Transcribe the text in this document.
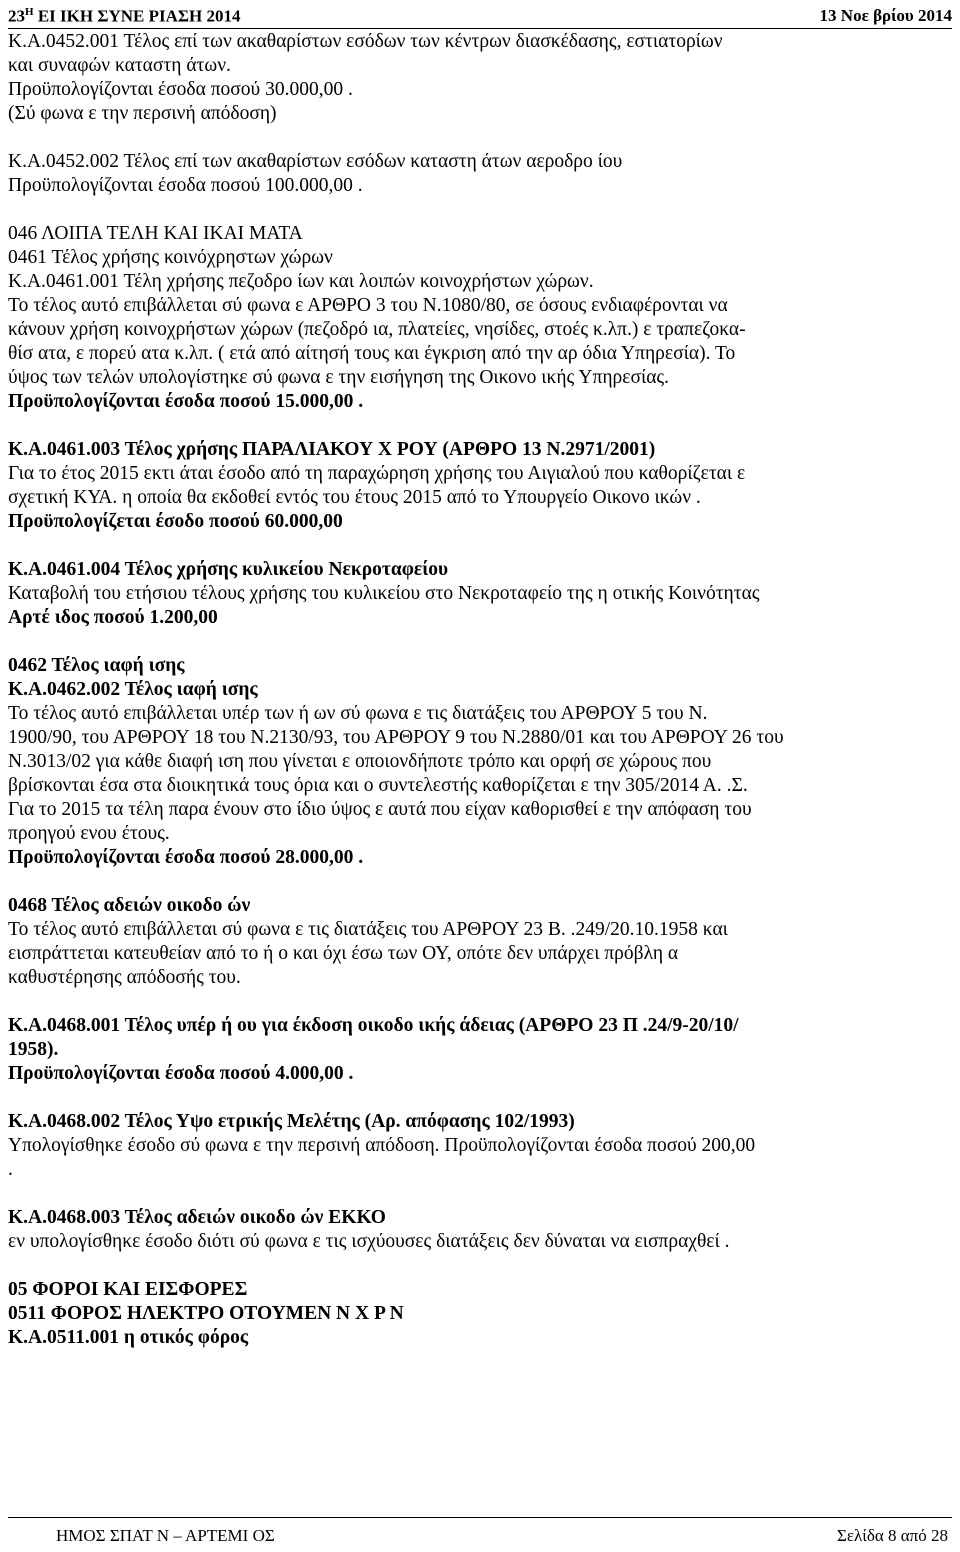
$23^H$ ΕΙ ΙΚΗ ΣΥΝΕ ΡΙΑΣΗ 2014	13 Νοε βρίου 2014
Κ.Α.0452.001 Τέλος επί των ακαθαρίστων εσόδων των κέντρων διασκέδασης, εστιατορίων
και συναφών καταστη άτων.
Προϋπολογίζονται έσοδα ποσού 30.000,00 .
(Σύ φωνα ε την περσινή απόδοση)
Κ.Α.0452.002 Τέλος επί των ακαθαρίστων εσόδων καταστη άτων αεροδρο ίου
Προϋπολογίζονται έσοδα ποσού 100.000,00 .
046 ΛΟΙΠΑ ΤΕΛΗ ΚΑΙ ΙΚΑΙ ΜΑΤΑ
0461 Τέλος χρήσης κοινόχρηστων χώρων
Κ.Α.0461.001 Τέλη χρήσης πεζοδρο ίων και λοιπών κοινοχρήστων χώρων.
Το τέλος αυτό επιβάλλεται σύ φωνα ε ΑΡΘΡΟ 3 του Ν.1080/80, σε όσους ενδιαφέρονται να
κάνουν χρήση κοινοχρήστων χώρων (πεζοδρό ια, πλατείες, νησίδες, στοές κ.λπ.) ε τραπεζοκα-
θίσ ατα, ε πορεύ ατα κ.λπ. ( ετά από αίτησή τους και έγκριση από την αρ όδια Υπηρεσία). Το
ύψος των τελών υπολογίστηκε σύ φωνα ε την εισήγηση της Οικονο ικής Υπηρεσίας.
Προϋπολογίζονται έσοδα ποσού 15.000,00 .
Κ.Α.0461.003 Τέλος χρήσης ΠΑΡΑΛΙΑΚΟΥ Χ ΡΟΥ (ΑΡΘΡΟ 13 Ν.2971/2001)
Για το έτος 2015 εκτι άται έσοδο από τη παραχώρηση χρήσης του Αιγιαλού που καθορίζεται ε
σχετική ΚΥΑ. η οποία θα εκδοθεί εντός του έτους 2015 από το Υπουργείο Οικονο ικών .
Προϋπολογίζεται έσοδο ποσού 60.000,00
Κ.Α.0461.004 Τέλος χρήσης κυλικείου Νεκροταφείου
Καταβολή του ετήσιου τέλους χρήσης του κυλικείου στο Νεκροταφείο της η οτικής Κοινότητας
Αρτέ ιδος ποσού 1.200,00
0462 Τέλος ιαφή ισης
Κ.Α.0462.002 Τέλος ιαφή ισης
Το τέλος αυτό επιβάλλεται υπέρ των ή ων σύ φωνα ε τις διατάξεις του ΑΡΘΡΟΥ 5 του Ν.
1900/90, του ΑΡΘΡΟΥ 18 του Ν.2130/93, του ΑΡΘΡΟΥ 9 του Ν.2880/01 και του ΑΡΘΡΟΥ 26 του
Ν.3013/02 για κάθε διαφή ιση που γίνεται ε οποιονδήποτε τρόπο και ορφή σε χώρους που
βρίσκονται έσα στα διοικητικά τους όρια και ο συντελεστής καθορίζεται ε την 305/2014 Α. .Σ.
Για το 2015 τα τέλη παρα ένουν στο ίδιο ύψος ε αυτά που είχαν καθορισθεί ε την απόφαση του
προηγού ενου έτους.
Προϋπολογίζονται έσοδα ποσού 28.000,00 .
0468 Τέλος αδειών οικοδο ών
Το τέλος αυτό επιβάλλεται σύ φωνα ε τις διατάξεις του ΑΡΘΡΟΥ 23 Β. .249/20.10.1958 και
εισπράττεται κατευθείαν από το ή ο και όχι έσω των ΟΥ, οπότε δεν υπάρχει πρόβλη α
καθυστέρησης απόδοσής του.
Κ.Α.0468.001 Τέλος υπέρ ή ου για έκδοση οικοδο ικής άδειας (ΑΡΘΡΟ 23 Π .24/9-20/10/
1958).
Προϋπολογίζονται έσοδα ποσού 4.000,00 .
Κ.Α.0468.002 Τέλος Υψο ετρικής Μελέτης (Αρ. απόφασης 102/1993)
Υπολογίσθηκε έσοδο σύ φωνα ε την περσινή απόδοση. Προϋπολογίζονται έσοδα ποσού 200,00
.
Κ.Α.0468.003 Τέλος αδειών οικοδο ών ΕΚΚΟ
εν υπολογίσθηκε έσοδο διότι σύ φωνα ε τις ισχύουσες διατάξεις δεν δύναται να εισπραχθεί .
05 ΦΟΡΟΙ ΚΑΙ ΕΙΣΦΟΡΕΣ
0511 ΦΟΡΟΣ ΗΛΕΚΤΡΟ ΟΤΟΥΜΕΝ Ν Χ Ρ Ν
Κ.Α.0511.001 η οτικός φόρος
ΗΜΟΣ ΣΠΑΤ Ν – ΑΡΤΕΜΙ ΟΣ	Σελίδα 8 από 28
